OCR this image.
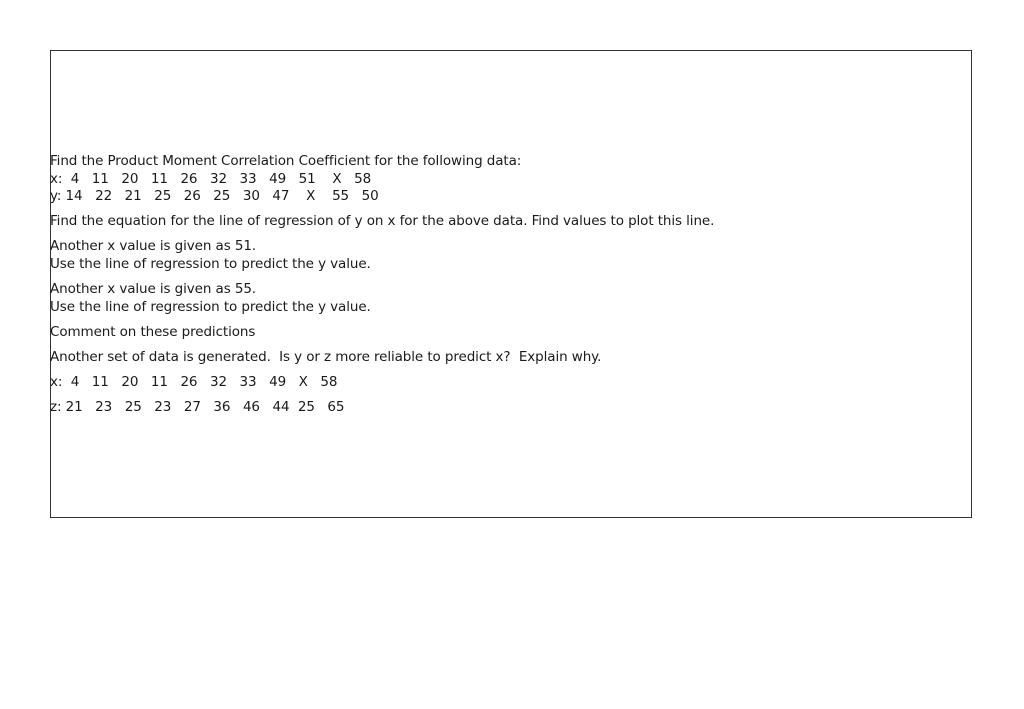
Find the Product Moment Correlation Coefficient for the following data:
x:  4   11   20   11   26   32   33   49   51    X   58
y: 14   22   21   25   26   25   30   47    X    55   50
Find the equation for the line of regression of y on x for the above data. Find values to plot this line.
Another x value is given as 51.
Use the line of regression to predict the y value.
Another x value is given as 55.
Use the line of regression to predict the y value.
Comment on these predictions
Another set of data is generated.  Is y or z more reliable to predict x?  Explain why.
x:  4   11   20   11   26   32   33   49   X   58
z: 21   23   25   23   27   36   46   44  25   65
